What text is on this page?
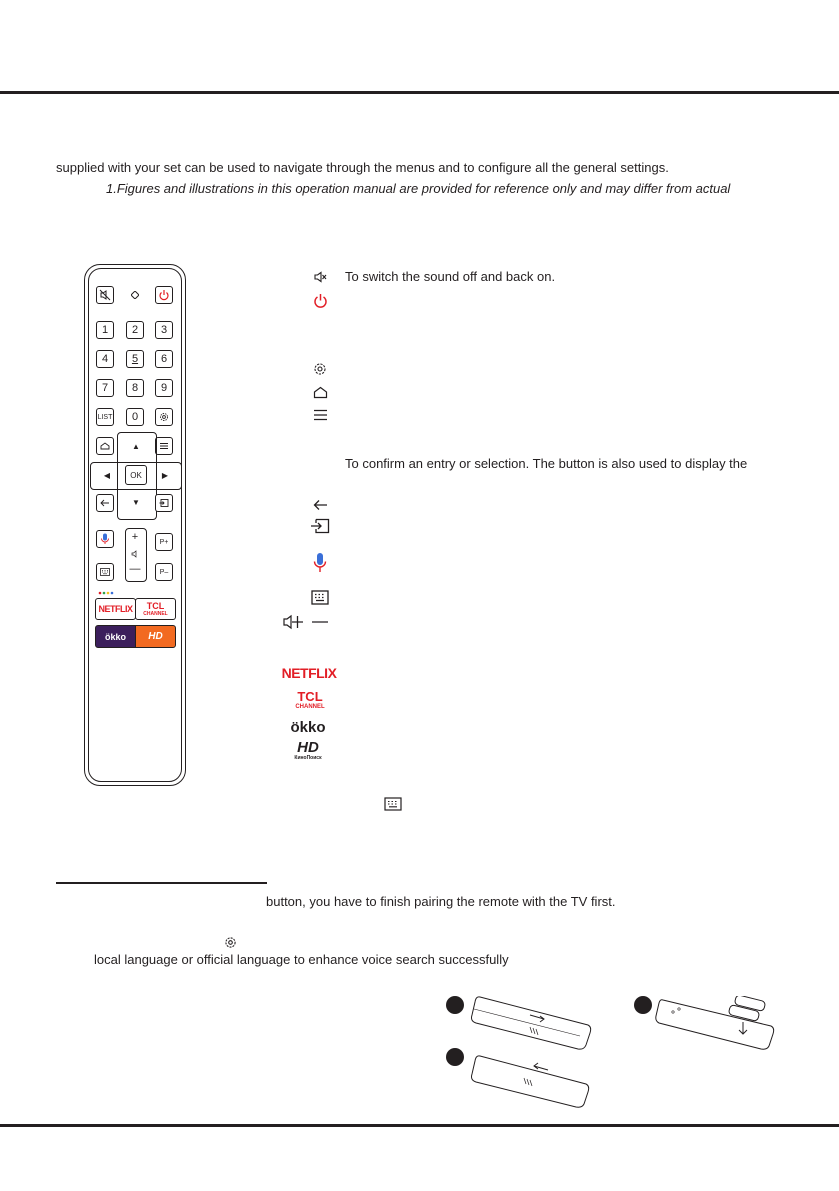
supplied with your set can be used to navigate through the menus and to configure all the general settings.
1.Figures and illustrations in this operation manual are provided for reference only and may differ from actual
1	2	3
4	5	6
7	8	9
LIST	0
▲
◀	▶
▼
OK
+
—
P+
P–
NETFLIX TCL
CHANNEL
ökko HD
To switch the sound off and back on.
To confirm an entry or selection. The button is also used to display the
NETFLIX
TCL
CHANNEL
ökko
HD
КиноПоиск
button, you have to finish pairing the remote with the TV first.
local language or official language to enhance voice search successfully
